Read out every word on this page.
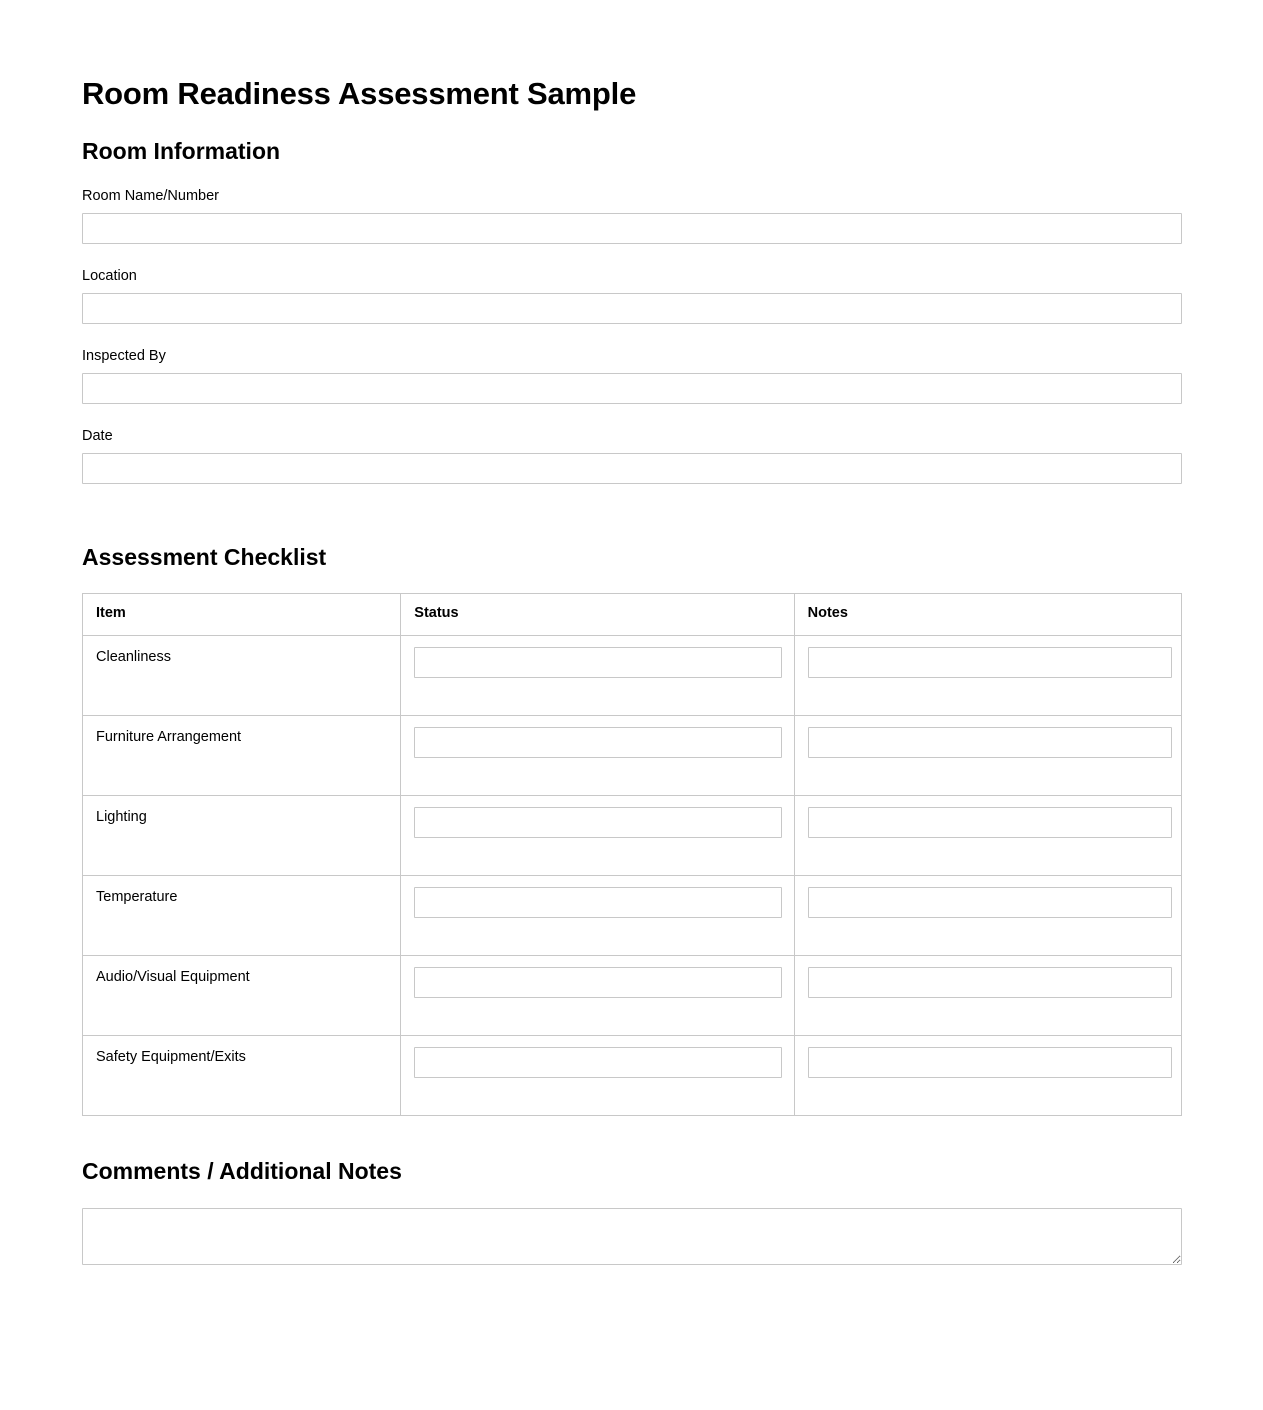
Room Readiness Assessment Sample
Room Information
Room Name/Number
Location
Inspected By
Date
Assessment Checklist
Item	Status	Notes

Cleanliness

Furniture Arrangement

Lighting

Temperature

Audio/Visual Equipment

Safety Equipment/Exits

Comments / Additional Notes
